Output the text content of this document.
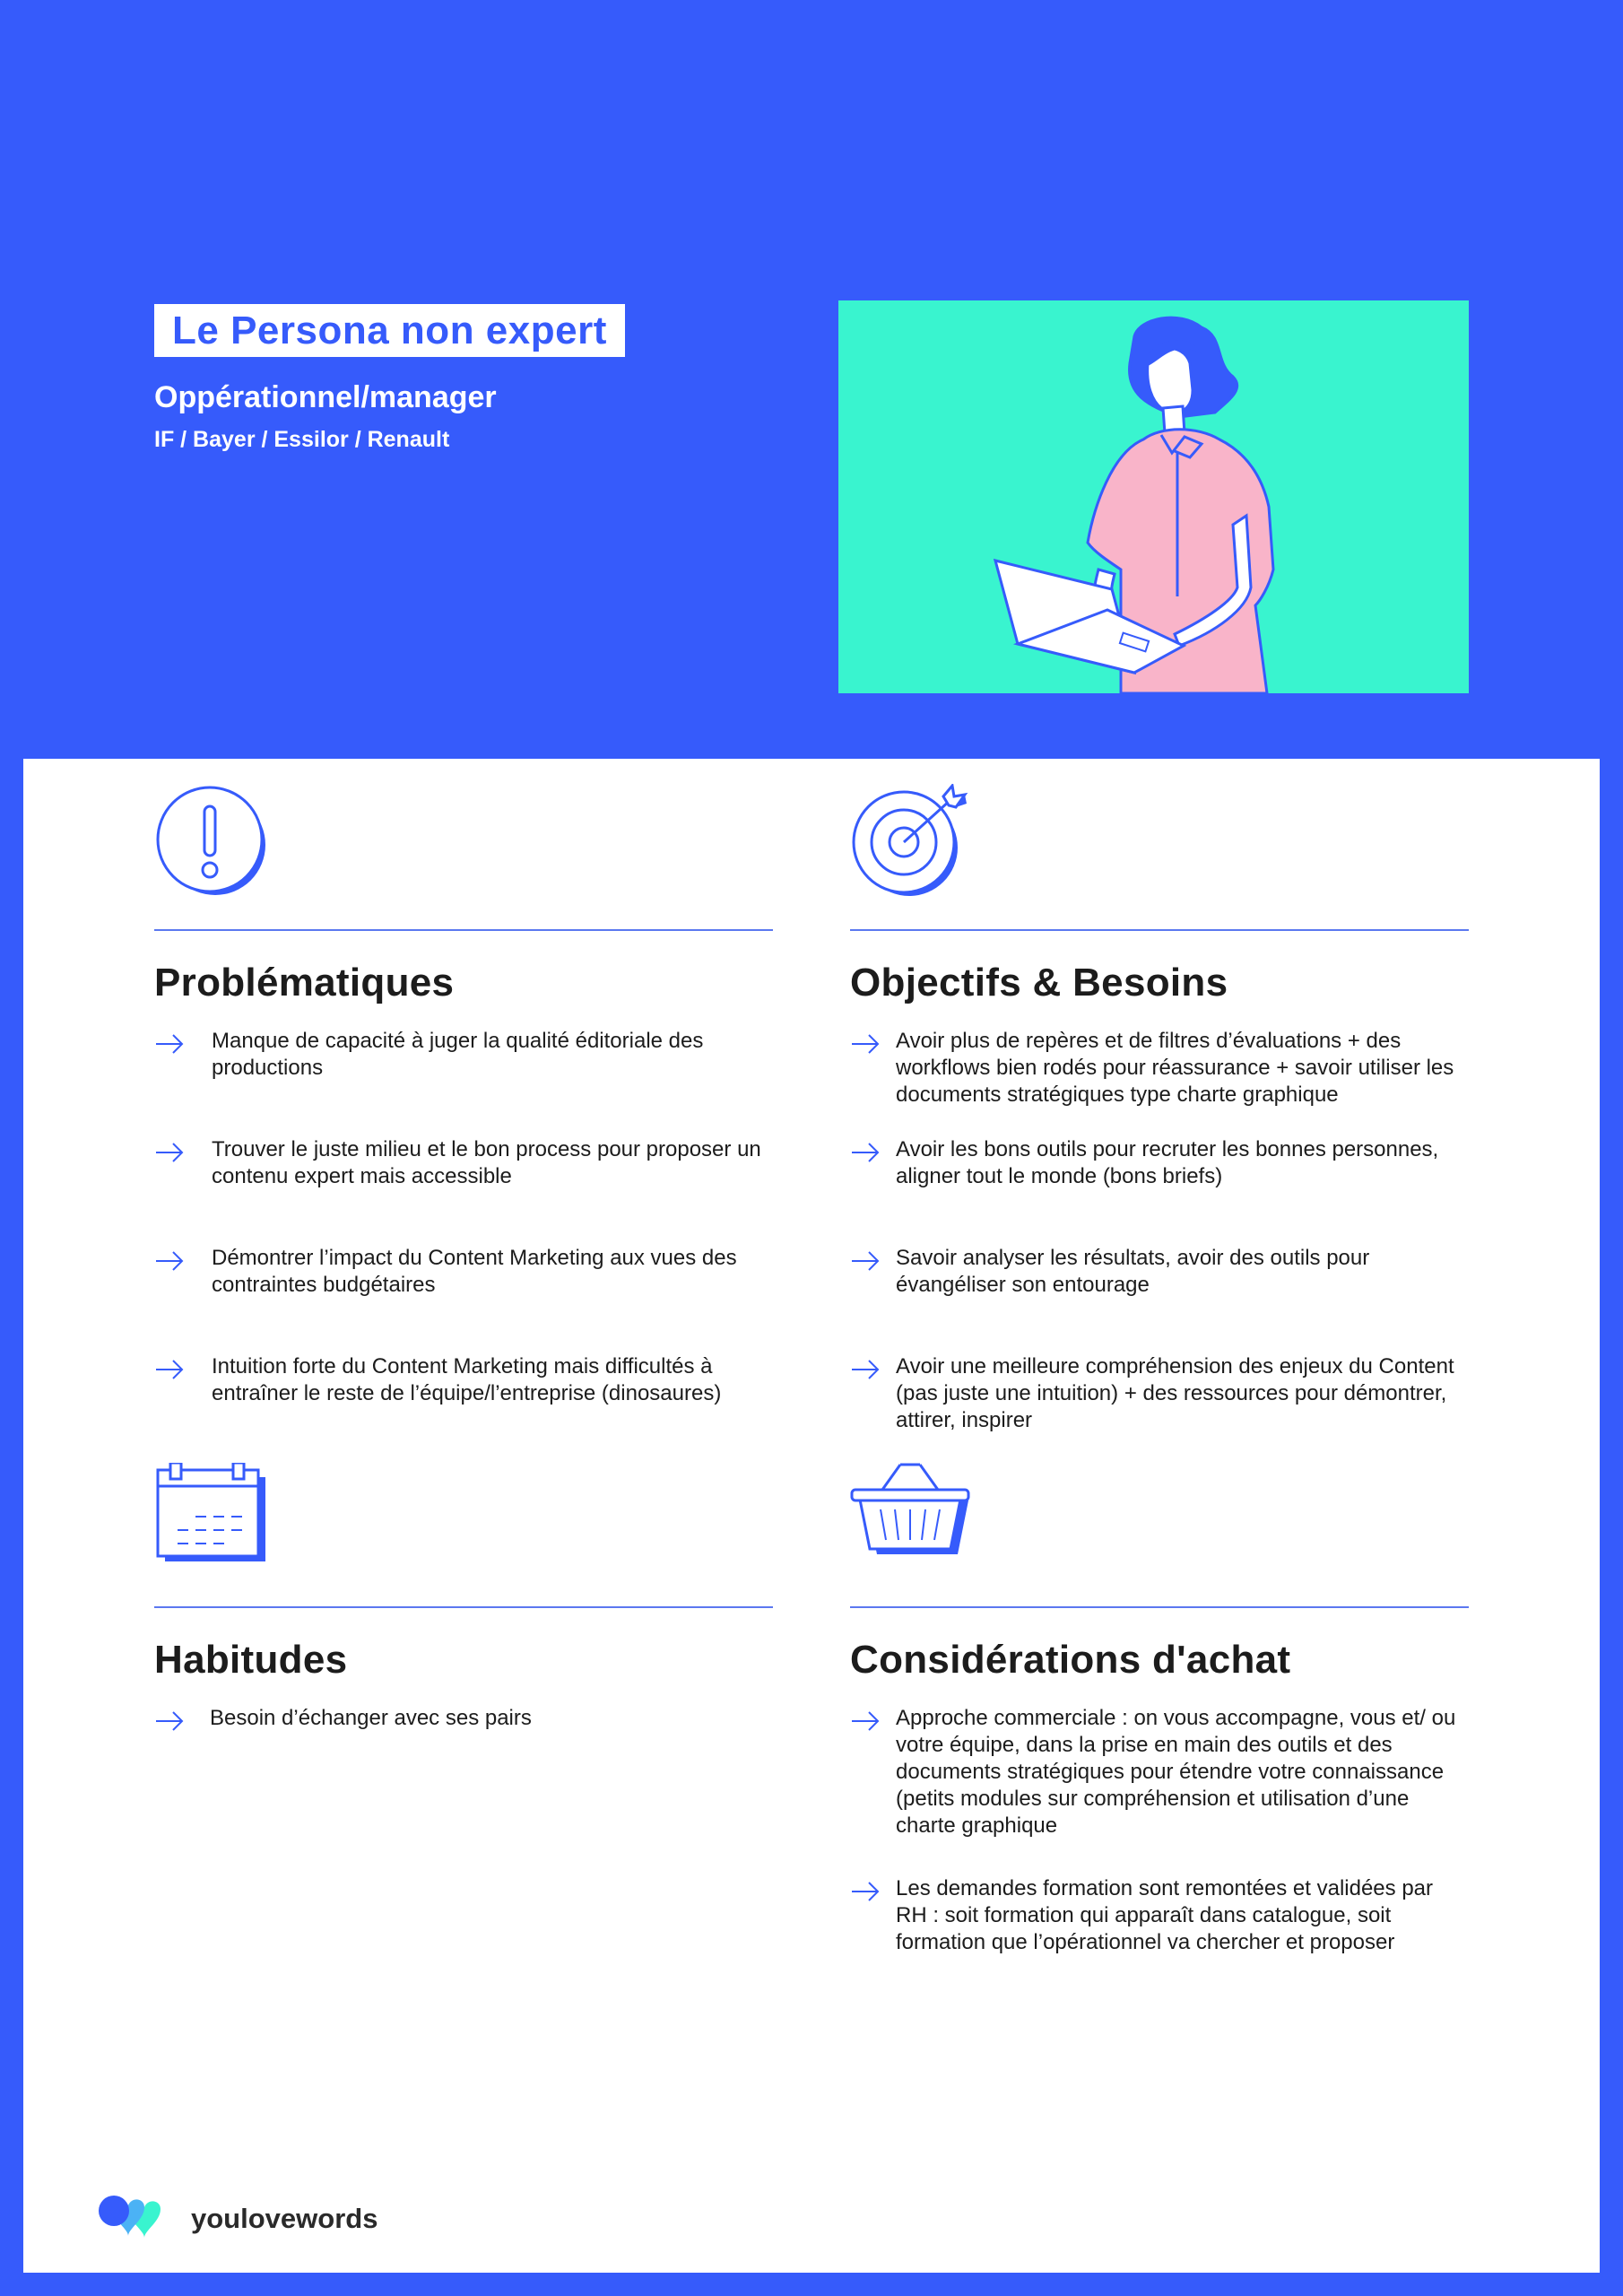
Le Persona non expert
Oppérationnel/manager
IF / Bayer / Essilor / Renault
Problématiques
Manque de capacité à juger la qualité éditoriale des productions
Trouver le juste milieu et le bon process pour proposer un contenu expert mais accessible
Démontrer l’impact du Content Marketing aux vues des contraintes budgétaires
Intuition forte du Content Marketing mais difficultés à entraîner le reste de l’équipe/l’entreprise (dinosaures)
Objectifs & Besoins
Avoir plus de repères et de filtres d’évaluations + des workflows bien rodés pour réassurance + savoir utiliser les documents stratégiques type charte graphique
Avoir les bons outils pour recruter les bonnes personnes, aligner tout le monde (bons briefs)
Savoir analyser les résultats, avoir des outils pour évangéliser son entourage
Avoir une meilleure compréhension des enjeux du Content (pas juste une intuition) + des ressources pour démontrer, attirer, inspirer
Habitudes
Besoin d’échanger avec ses pairs
Considérations d'achat
Approche commerciale : on vous accompagne, vous et/ ou votre équipe, dans la prise en main des outils et des documents stratégiques pour étendre votre connaissance (petits modules sur compréhension et utilisation d’une charte graphique
Les demandes formation sont remontées et validées par RH : soit formation qui apparaît dans catalogue, soit formation que l’opérationnel va chercher et proposer
youlovewords
